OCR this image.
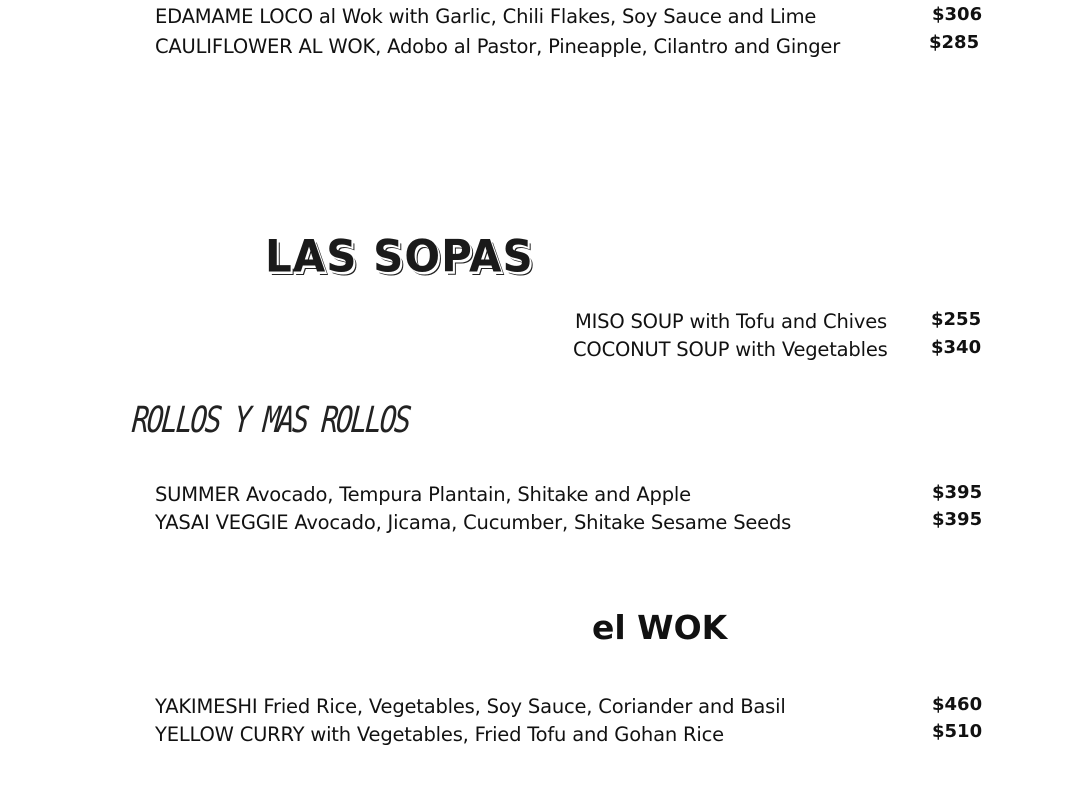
EDAMAME LOCO al Wok with Garlic, Chili Flakes, Soy Sauce and Lime	$306
CAULIFLOWER AL WOK, Adobo al Pastor, Pineapple, Cilantro and Ginger	$285
LAS SOPAS
MISO SOUP with Tofu and Chives $255
COCONUT SOUP with Vegetables $340
ROLLOS Y MAS ROLLOS
SUMMER Avocado, Tempura Plantain, Shitake and Apple	$395
YASAI VEGGIE Avocado, Jicama, Cucumber, Shitake Sesame Seeds	$395
el WOK
YAKIMESHI Fried Rice, Vegetables, Soy Sauce, Coriander and Basil	$460
YELLOW CURRY with Vegetables, Fried Tofu and Gohan Rice	$510
